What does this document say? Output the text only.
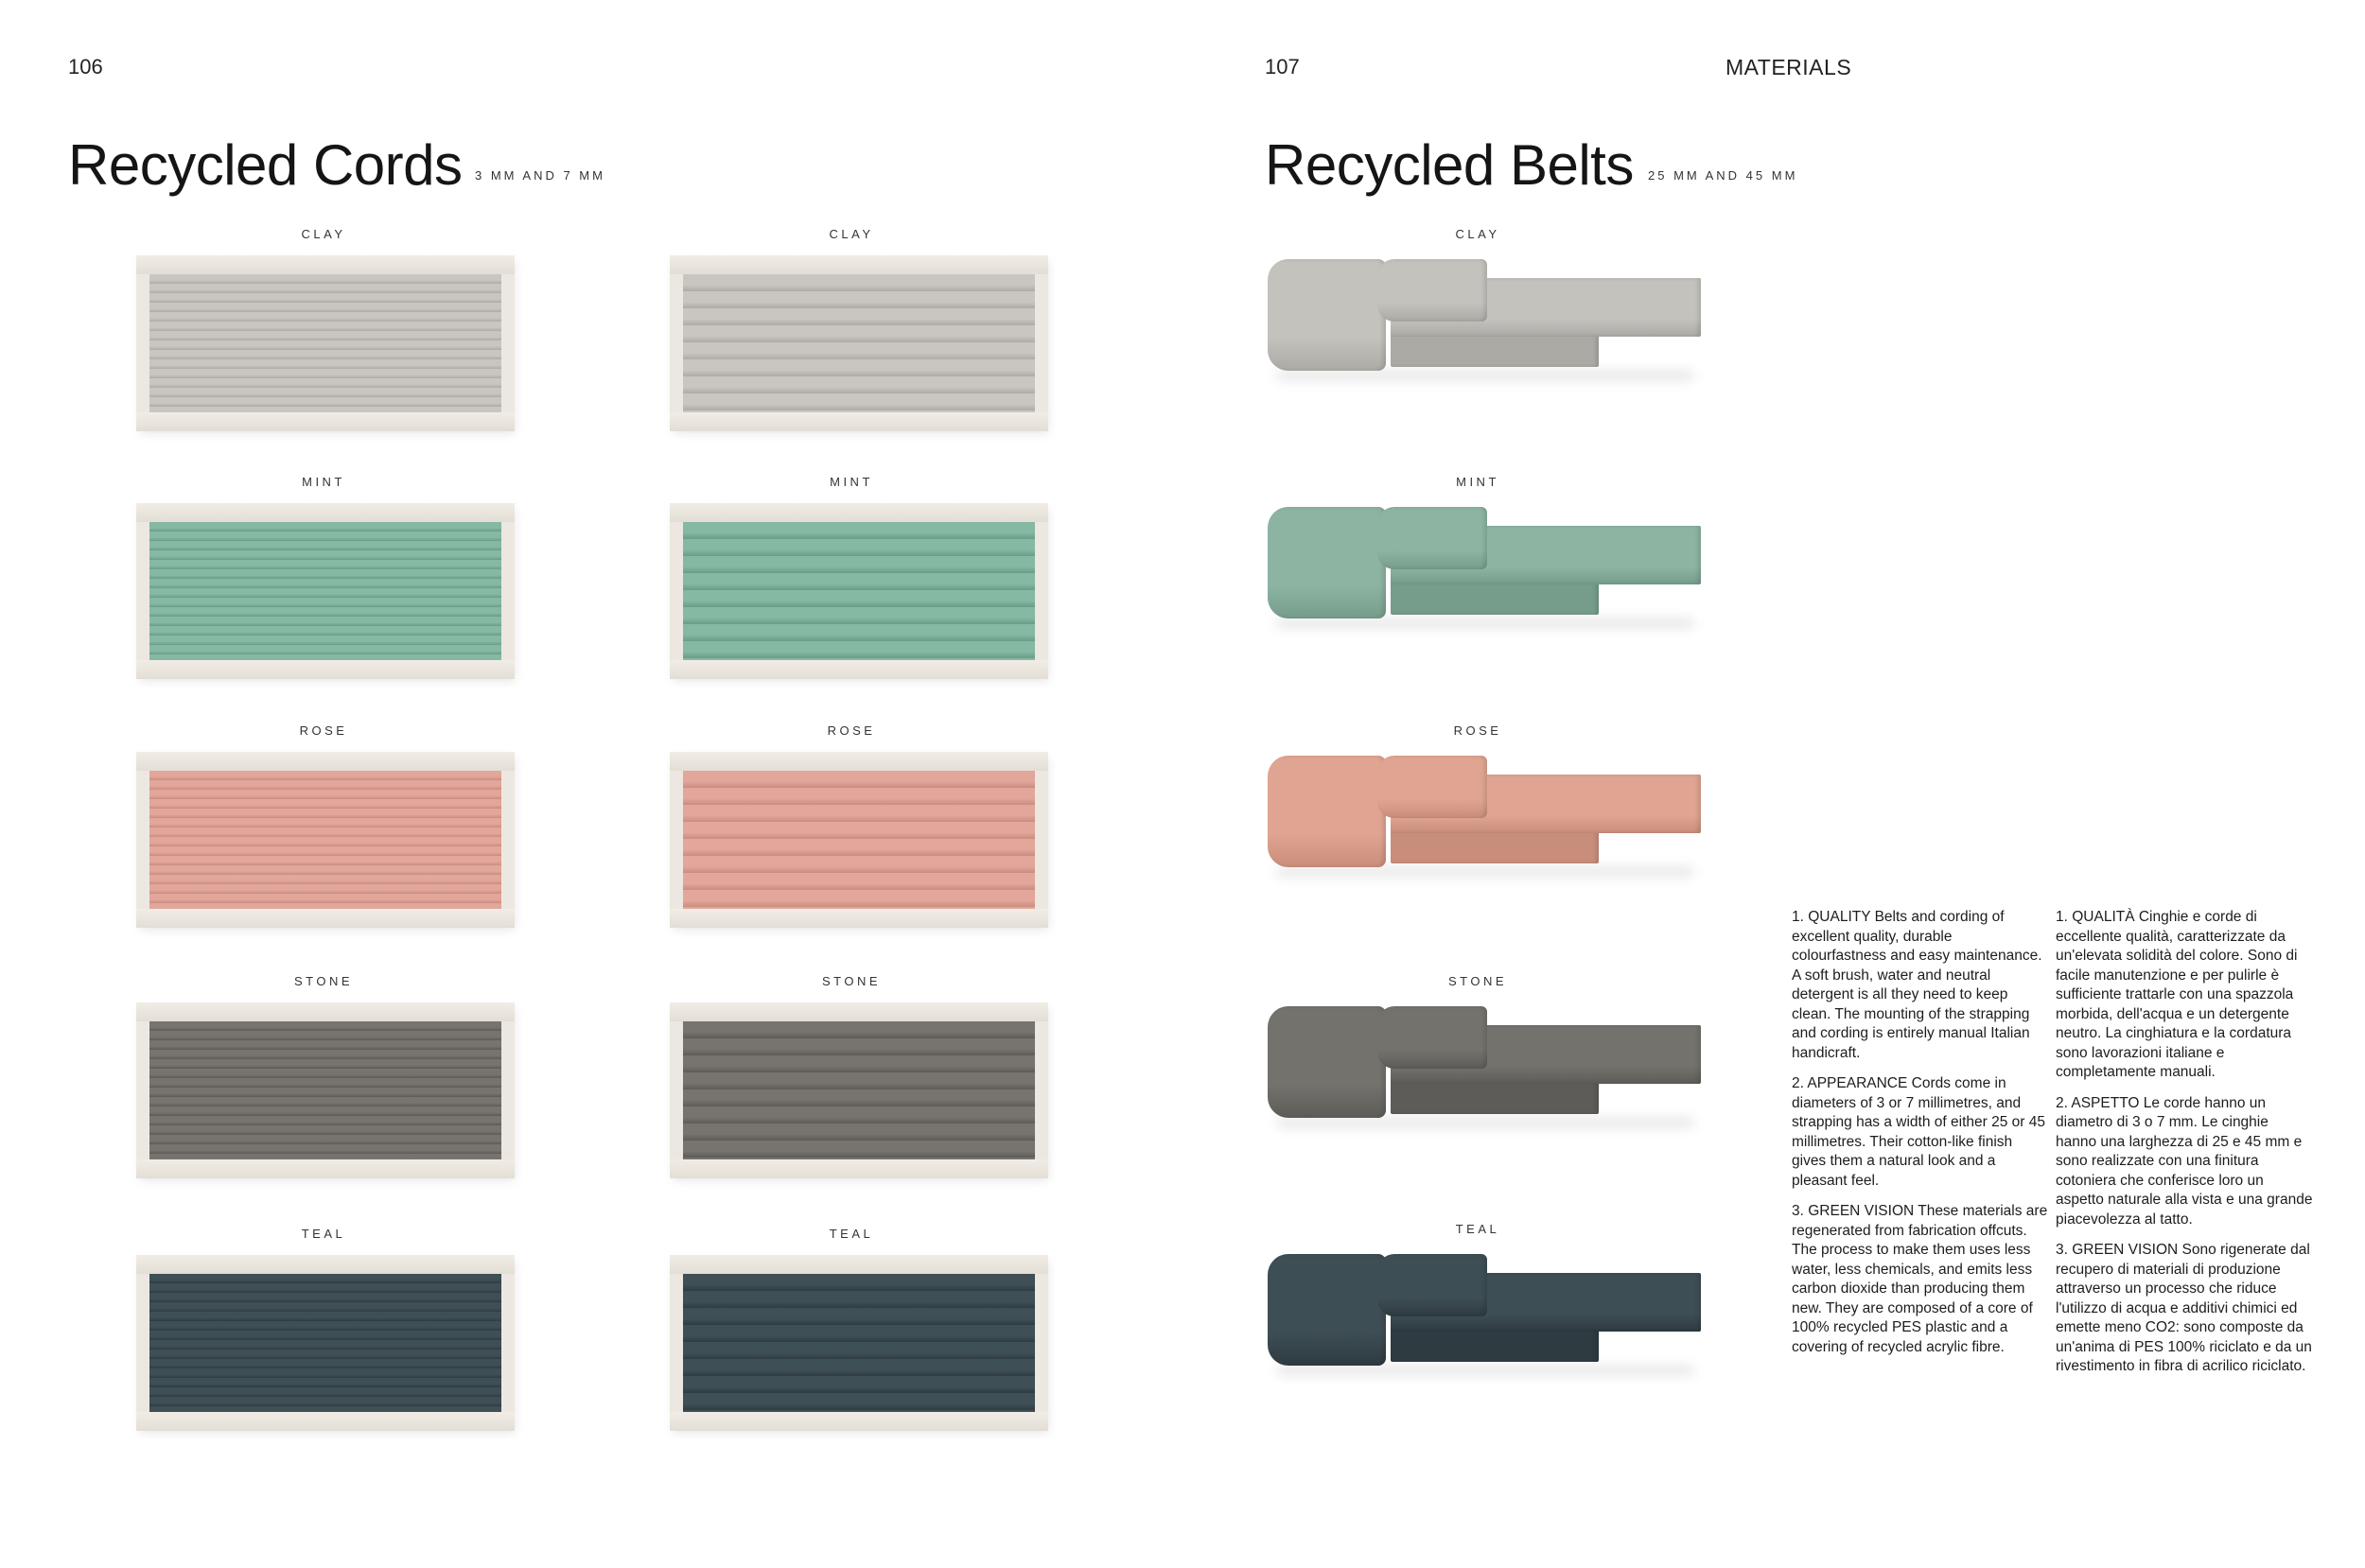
106
Recycled Cords 3 MM AND 7 MM
CLAY	CLAY
MINT	MINT
ROSE	ROSE
STONE	STONE
TEAL	TEAL
107	MATERIALS
Recycled Belts 25 MM AND 45 MM
CLAY
MINT
ROSE
STONE
TEAL

1. QUALITY Belts and cording of excellent quality, durable colourfastness and easy maintenance. A soft brush, water and neutral detergent is all they need to keep clean. The mounting of the strapping and cording is entirely manual Italian handicraft.

2. APPEARANCE Cords come in diameters of 3 or 7 millimetres, and strapping has a width of either 25 or 45 millimetres. Their cotton-like finish gives them a natural look and a pleasant feel.

3. GREEN VISION These materials are regenerated from fabrication offcuts. The process to make them uses less water, less chemicals, and emits less carbon dioxide than producing them new. They are composed of a core of 100% recycled PES plastic and a covering of recycled acrylic fibre.

1. QUALITÀ Cinghie e corde di eccellente qualità, caratterizzate da un'elevata solidità del colore. Sono di facile manutenzione e per pulirle è sufficiente trattarle con una spazzola morbida, dell'acqua e un detergente neutro. La cinghiatura e la cordatura sono lavorazioni italiane e completamente manuali.

2. ASPETTO Le corde hanno un diametro di 3 o 7 mm. Le cinghie hanno una larghezza di 25 e 45 mm e sono realizzate con una finitura cotoniera che conferisce loro un aspetto naturale alla vista e una grande piacevolezza al tatto.

3. GREEN VISION Sono rigenerate dal recupero di materiali di produzione attraverso un processo che riduce l'utilizzo di acqua e additivi chimici ed emette meno CO2: sono composte da un'anima di PES 100% riciclato e da un rivestimento in fibra di acrilico riciclato.
